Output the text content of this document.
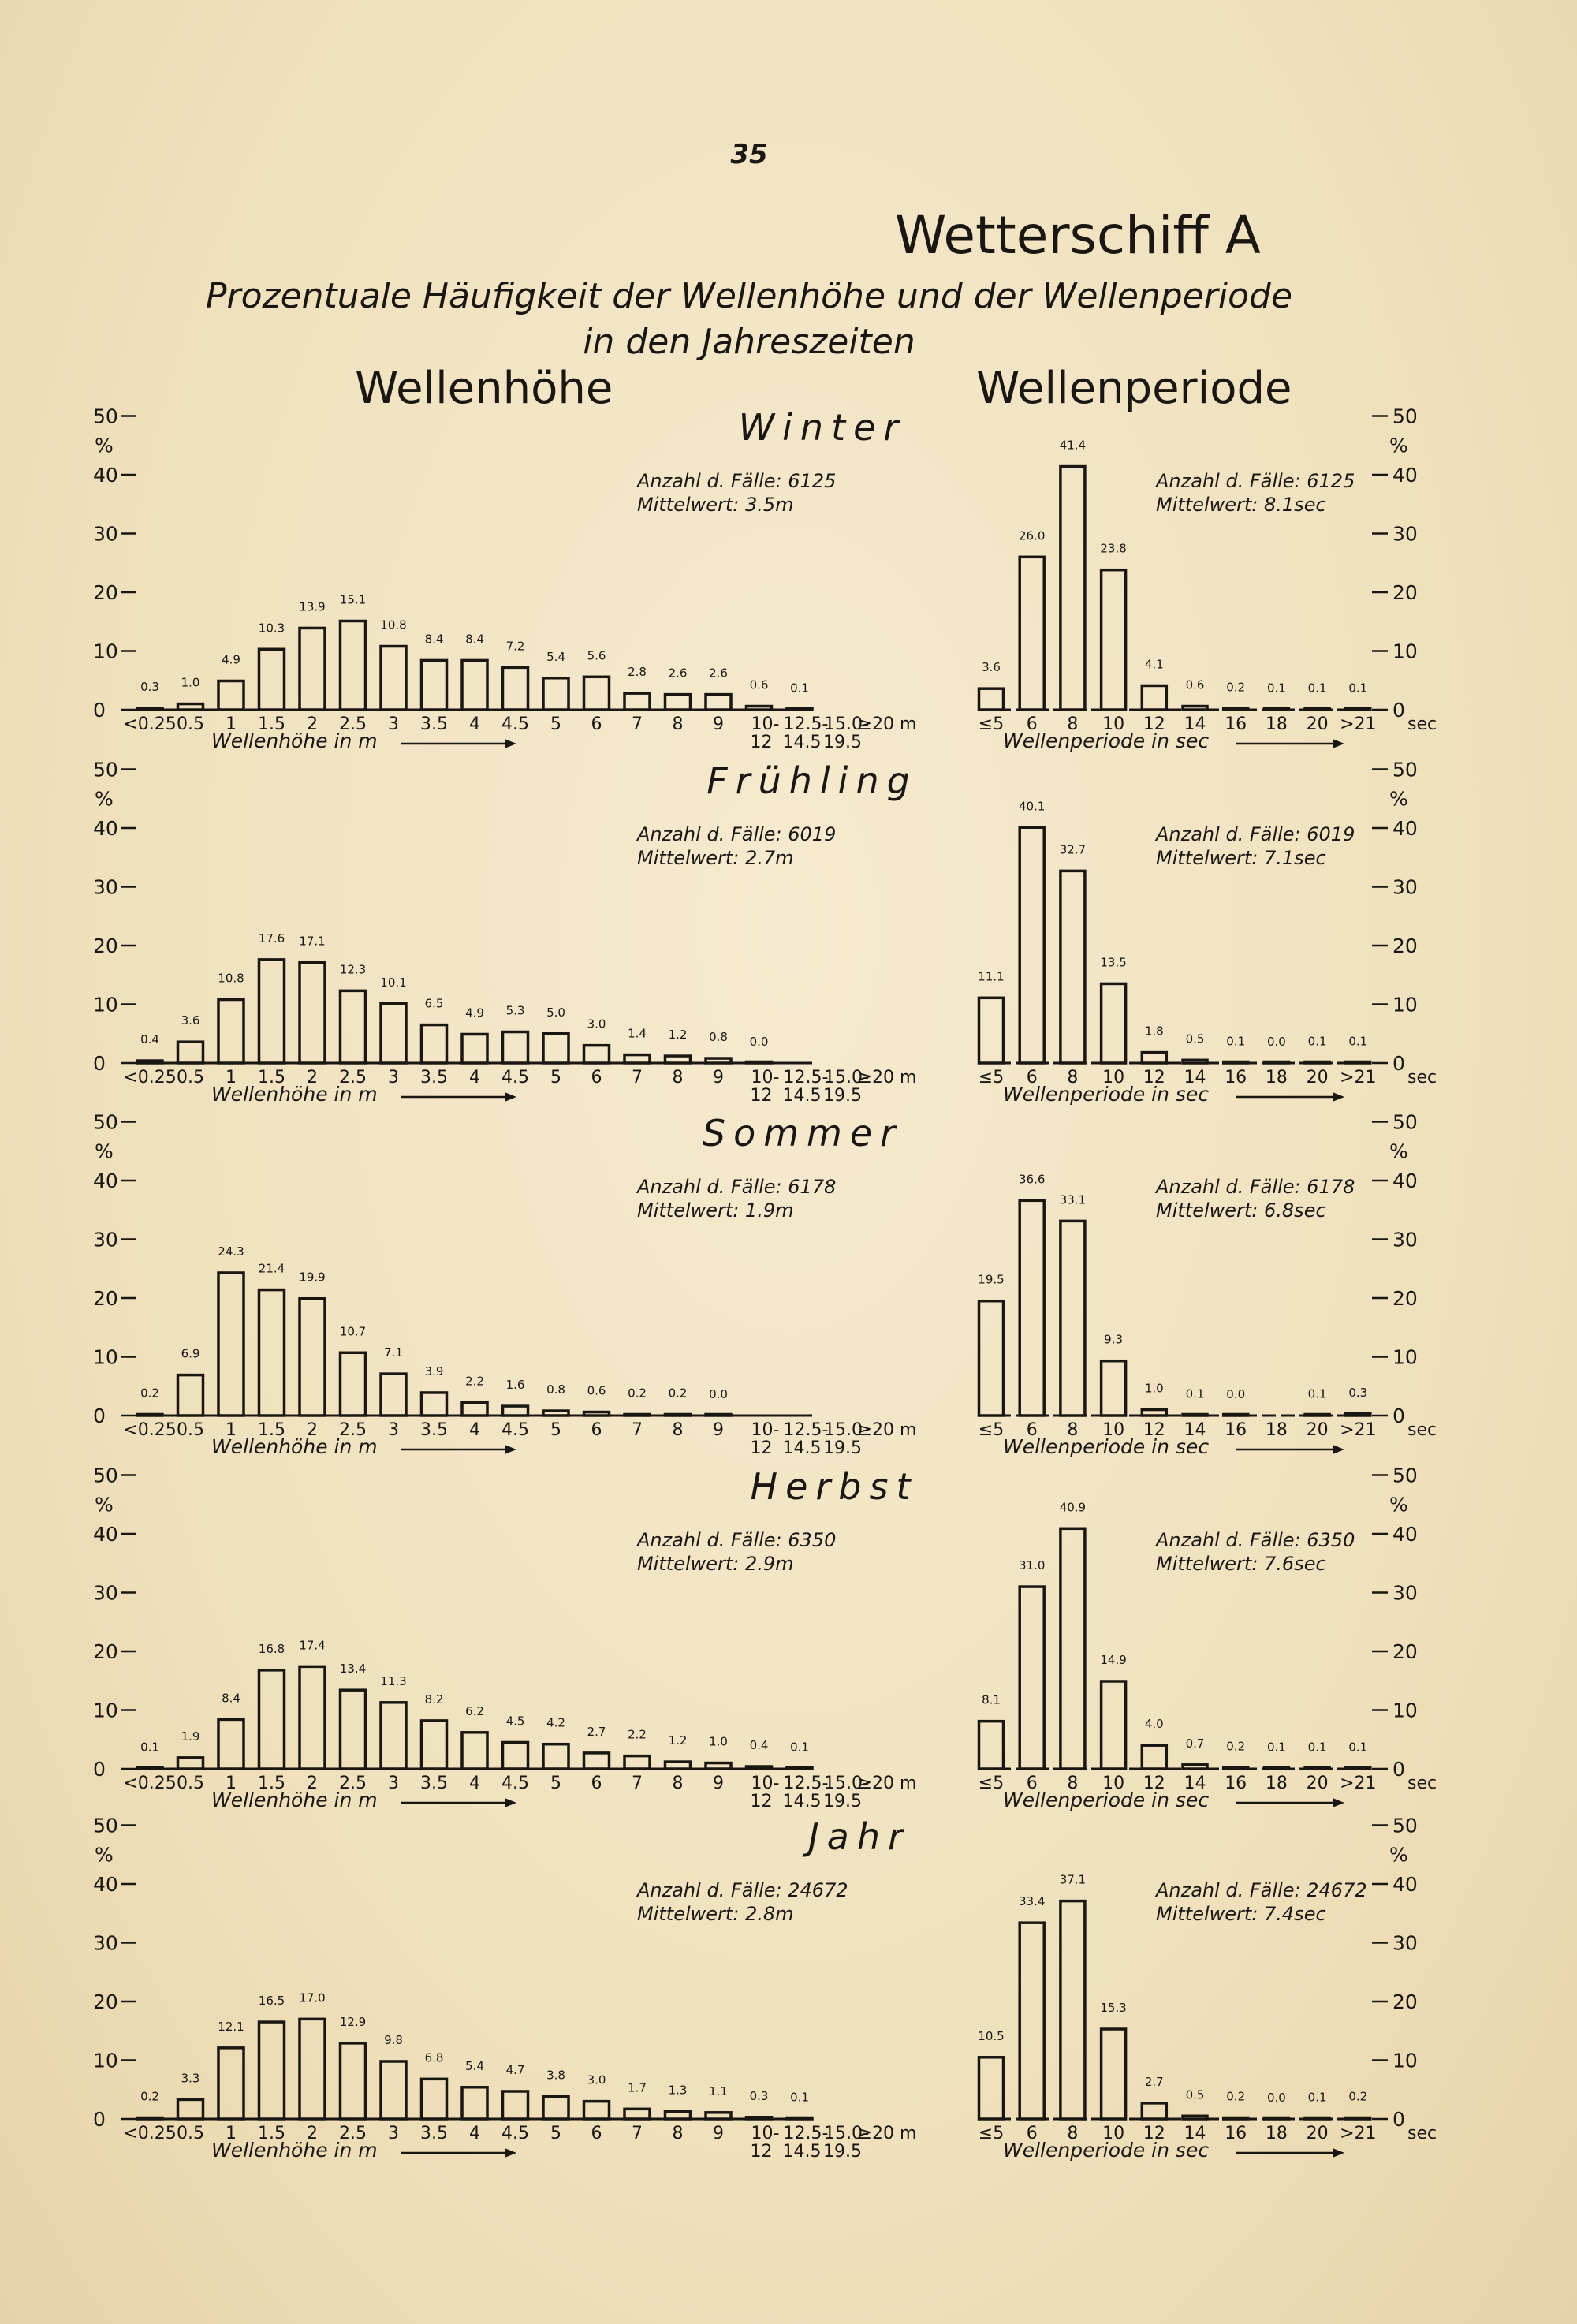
35
Wetterschiff A
Prozentuale Häufigkeit der Wellenhöhe und der Wellenperiode
in den Jahreszeiten
Wellenhöhe	Wellenperiode
Winter
50	50
40	40
30	30
20	20
10	10
0	0
%	%
0.3
<0.25
1.0
0.5
4.9
1
10.3
1.5
13.9
2
15.1
2.5
10.8
3
8.4
3.5
8.4
4
7.2
4.5
5.4
5
5.6
6
2.8
7
2.6
8
2.6
9
0.6
10-
12
0.1
12.5-
14.5
15.0-
19.5
≥20 m
Wellenhöhe in m
3.6
≤5
26.0
6
41.4
8
23.8
10
4.1
12
0.6
14
0.2
16
0.1
18
0.1
20
0.1
>21 sec
Wellenperiode in sec
Anzahl d. Fälle: 6125
Mittelwert: 3.5m
Anzahl d. Fälle: 6125
Mittelwert: 8.1sec
Frühling
50	50
40	40
30	30
20	20
10	10
0	0
%	%
0.4
<0.25
3.6
0.5
10.8
1
17.6
1.5
17.1
2
12.3
2.5
10.1
3
6.5
3.5
4.9
4
5.3
4.5
5.0
5
3.0
6
1.4
7
1.2
8
0.8
9
0.0
10-
12
12.5-
14.5
15.0-
19.5
≥20 m
Wellenhöhe in m
11.1
≤5
40.1
6
32.7
8
13.5
10
1.8
12
0.5
14
0.1
16
0.0
18
0.1
20
0.1
>21 sec
Wellenperiode in sec
Anzahl d. Fälle: 6019
Mittelwert: 2.7m
Anzahl d. Fälle: 6019
Mittelwert: 7.1sec
Sommer
50	50
40	40
30	30
20	20
10	10
0	0
%	%
0.2
<0.25
6.9
0.5
24.3
1
21.4
1.5
19.9
2
10.7
2.5
7.1
3
3.9
3.5
2.2
4
1.6
4.5
0.8
5
0.6
6
0.2
7
0.2
8
0.0
9 10-
12
12.5-
14.5
15.0-
19.5
≥20 m
Wellenhöhe in m
19.5
≤5
36.6
6
33.1
8
9.3
10
1.0
12
0.1
14
0.0
16 18
0.1
20
0.3
>21 sec
Wellenperiode in sec
Anzahl d. Fälle: 6178
Mittelwert: 1.9m
Anzahl d. Fälle: 6178
Mittelwert: 6.8sec
Herbst
50	50
40	40
30	30
20	20
10	10
0	0
%	%
0.1
<0.25
1.9
0.5
8.4
1
16.8
1.5
17.4
2
13.4
2.5
11.3
3
8.2
3.5
6.2
4
4.5
4.5
4.2
5
2.7
6
2.2
7
1.2
8
1.0
9
0.4
10-
12
0.1
12.5-
14.5
15.0-
19.5
≥20 m
Wellenhöhe in m
8.1
≤5
31.0
6
40.9
8
14.9
10
4.0
12
0.7
14
0.2
16
0.1
18
0.1
20
0.1
>21 sec
Wellenperiode in sec
Anzahl d. Fälle: 6350
Mittelwert: 2.9m
Anzahl d. Fälle: 6350
Mittelwert: 7.6sec
Jahr
50	50
40	40
30	30
20	20
10	10
0	0
%	%
0.2
<0.25
3.3
0.5
12.1
1
16.5
1.5
17.0
2
12.9
2.5
9.8
3
6.8
3.5
5.4
4
4.7
4.5
3.8
5
3.0
6
1.7
7
1.3
8
1.1
9
0.3
10-
12
0.1
12.5-
14.5
15.0-
19.5
≥20 m
Wellenhöhe in m
10.5
≤5
33.4
6
37.1
8
15.3
10
2.7
12
0.5
14
0.2
16
0.0
18
0.1
20
0.2
>21 sec
Wellenperiode in sec
Anzahl d. Fälle: 24672
Mittelwert: 2.8m
Anzahl d. Fälle: 24672
Mittelwert: 7.4sec
